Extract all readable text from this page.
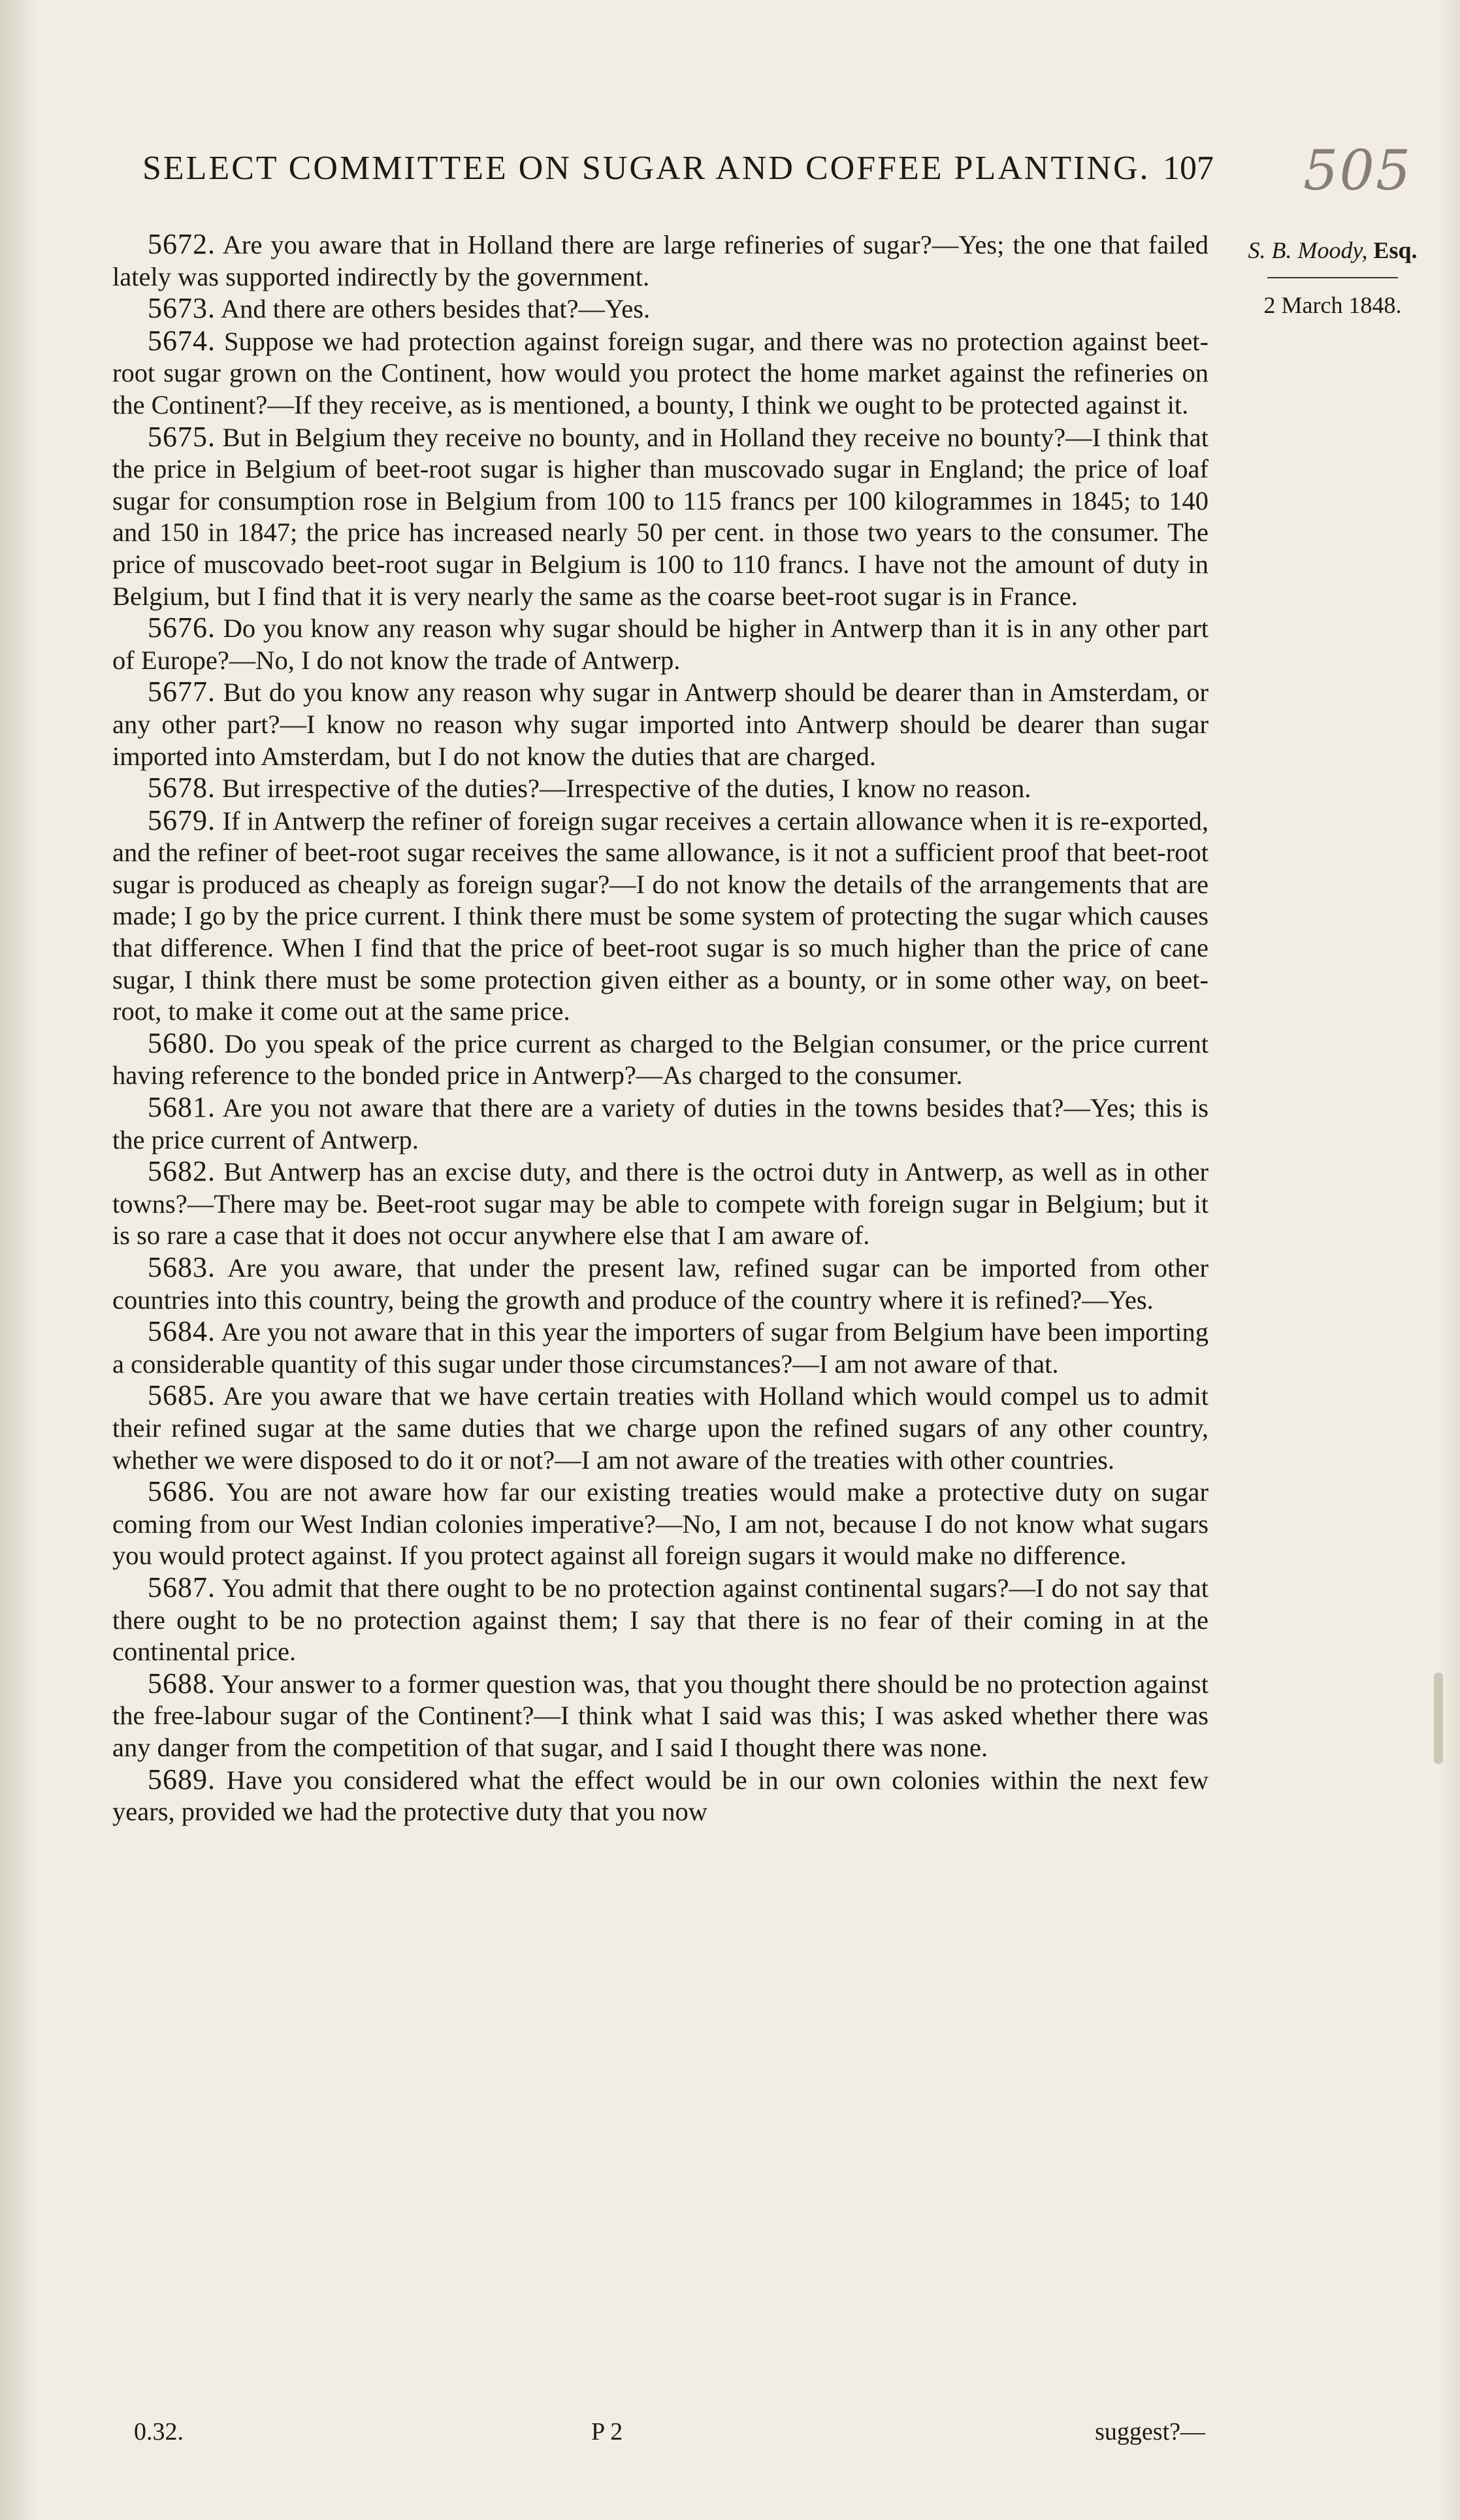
SELECT COMMITTEE ON SUGAR AND COFFEE PLANTING. 107 505
S. B. Moody, Esq.
2 March 1848.

5672. Are you aware that in Holland there are large refineries of sugar?—Yes; the one that failed lately was supported indirectly by the government.

5673. And there are others besides that?—Yes.

5674. Suppose we had protection against foreign sugar, and there was no protection against beet-root sugar grown on the Continent, how would you protect the home market against the refineries on the Continent?—If they receive, as is mentioned, a bounty, I think we ought to be protected against it.

5675. But in Belgium they receive no bounty, and in Holland they receive no bounty?—I think that the price in Belgium of beet-root sugar is higher than muscovado sugar in England; the price of loaf sugar for consumption rose in Belgium from 100 to 115 francs per 100 kilogrammes in 1845; to 140 and 150 in 1847; the price has increased nearly 50 per cent. in those two years to the consumer. The price of muscovado beet-root sugar in Belgium is 100 to 110 francs. I have not the amount of duty in Belgium, but I find that it is very nearly the same as the coarse beet-root sugar is in France.

5676. Do you know any reason why sugar should be higher in Antwerp than it is in any other part of Europe?—No, I do not know the trade of Antwerp.

5677. But do you know any reason why sugar in Antwerp should be dearer than in Amsterdam, or any other part?—I know no reason why sugar imported into Antwerp should be dearer than sugar imported into Amsterdam, but I do not know the duties that are charged.

5678. But irrespective of the duties?—Irrespective of the duties, I know no reason.

5679. If in Antwerp the refiner of foreign sugar receives a certain allowance when it is re-exported, and the refiner of beet-root sugar receives the same allowance, is it not a sufficient proof that beet-root sugar is produced as cheaply as foreign sugar?—I do not know the details of the arrangements that are made; I go by the price current. I think there must be some system of protecting the sugar which causes that difference. When I find that the price of beet-root sugar is so much higher than the price of cane sugar, I think there must be some protection given either as a bounty, or in some other way, on beet-root, to make it come out at the same price.

5680. Do you speak of the price current as charged to the Belgian consumer, or the price current having reference to the bonded price in Antwerp?—As charged to the consumer.

5681. Are you not aware that there are a variety of duties in the towns besides that?—Yes; this is the price current of Antwerp.

5682. But Antwerp has an excise duty, and there is the octroi duty in Antwerp, as well as in other towns?—There may be. Beet-root sugar may be able to compete with foreign sugar in Belgium; but it is so rare a case that it does not occur anywhere else that I am aware of.

5683. Are you aware, that under the present law, refined sugar can be imported from other countries into this country, being the growth and produce of the country where it is refined?—Yes.

5684. Are you not aware that in this year the importers of sugar from Belgium have been importing a considerable quantity of this sugar under those circumstances?—I am not aware of that.

5685. Are you aware that we have certain treaties with Holland which would compel us to admit their refined sugar at the same duties that we charge upon the refined sugars of any other country, whether we were disposed to do it or not?—I am not aware of the treaties with other countries.

5686. You are not aware how far our existing treaties would make a protective duty on sugar coming from our West Indian colonies imperative?—No, I am not, because I do not know what sugars you would protect against. If you protect against all foreign sugars it would make no difference.

5687. You admit that there ought to be no protection against continental sugars?—I do not say that there ought to be no protection against them; I say that there is no fear of their coming in at the continental price.

5688. Your answer to a former question was, that you thought there should be no protection against the free-labour sugar of the Continent?—I think what I said was this; I was asked whether there was any danger from the competition of that sugar, and I said I thought there was none.

5689. Have you considered what the effect would be in our own colonies within the next few years, provided we had the protective duty that you now

0.32.	P 2	suggest?—
